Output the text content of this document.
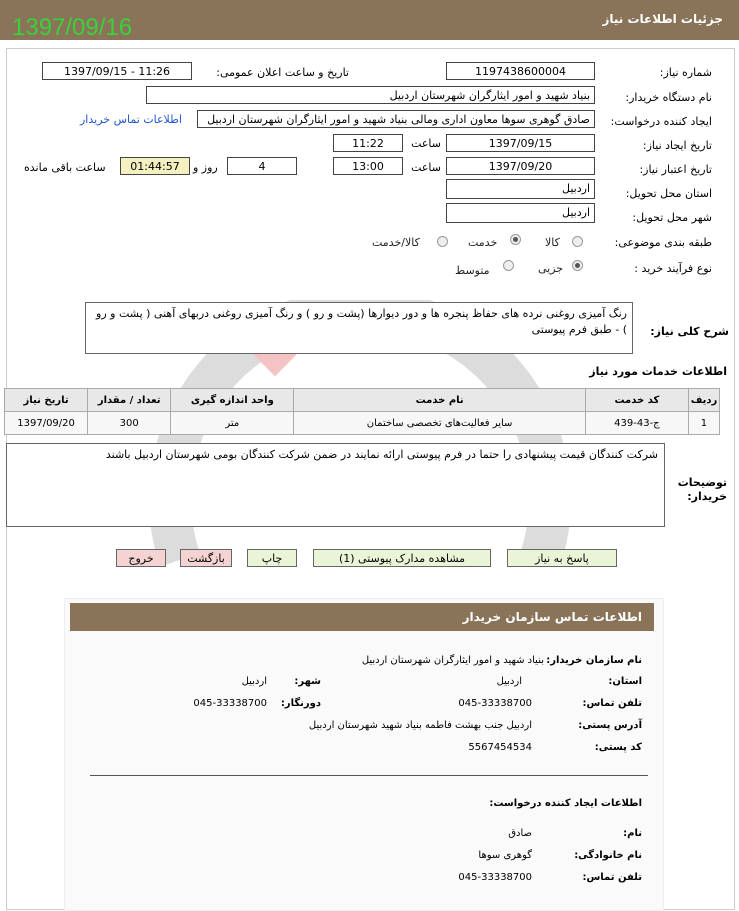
جزئیات اطلاعات نیاز
1397/09/16
شماره نیاز:
1197438600004
تاریخ و ساعت اعلان عمومی:
1397/09/15 - 11:26
نام دستگاه خریدار:
بنیاد شهید و امور ایثارگران شهرستان اردبیل
ایجاد کننده درخواست:
صادق گوهری سوها معاون اداری ومالی بنیاد شهید و امور ایثارگران شهرستان اردبیل
اطلاعات تماس خریدار
تاریخ ایجاد نیاز:
1397/09/15
ساعت
11:22
تاریخ اعتبار نیاز:
1397/09/20
ساعت
13:00
4
روز و
01:44:57
ساعت باقی مانده
استان محل تحویل:
اردبیل
شهر محل تحویل:
اردبیل
طبقه بندی موضوعی:
کالا
خدمت
کالا/خدمت
نوع فرآیند خرید :
جزیی
متوسط
شرح کلی نیاز:
رنگ آمیزی روغنی نرده های حفاظ پنجره ها و دور دیوارها (پشت و رو ) و رنگ آمیزی روغنی دربهای آهنی ( پشت و رو ) - طبق فرم پیوستی
اطلاعات خدمات مورد نیاز
ردیف	کد خدمت	نام خدمت	واحد اندازه گیری	تعداد / مقدار	تاریخ نیاز
1	ج-43-439	سایر فعالیت‌های تخصصی ساختمان	متر	300	1397/09/20
توضیحات خریدار:
شرکت کنندگان قیمت پیشنهادی را حتما در فرم پیوستی ارائه نمایند در ضمن شرکت کنندگان بومی شهرستان اردبیل باشند
پاسخ به نیاز
مشاهده مدارک پیوستی (1)
چاپ
بازگشت
خروج
اطلاعات تماس سازمان خریدار
نام سازمان خریدار:
بنیاد شهید و امور ایثارگران شهرستان اردبیل
استان:
اردبیل
شهر:
اردبیل
تلفن تماس:
045-33338700
دورنگار:
045-33338700
آدرس پستی:
اردبیل جنب بهشت فاطمه بنیاد شهید شهرستان اردبیل
کد پستی:
5567454534
اطلاعات ایجاد کننده درخواست:
نام:
صادق
نام خانوادگی:
گوهری سوها
تلفن تماس:
045-33338700
